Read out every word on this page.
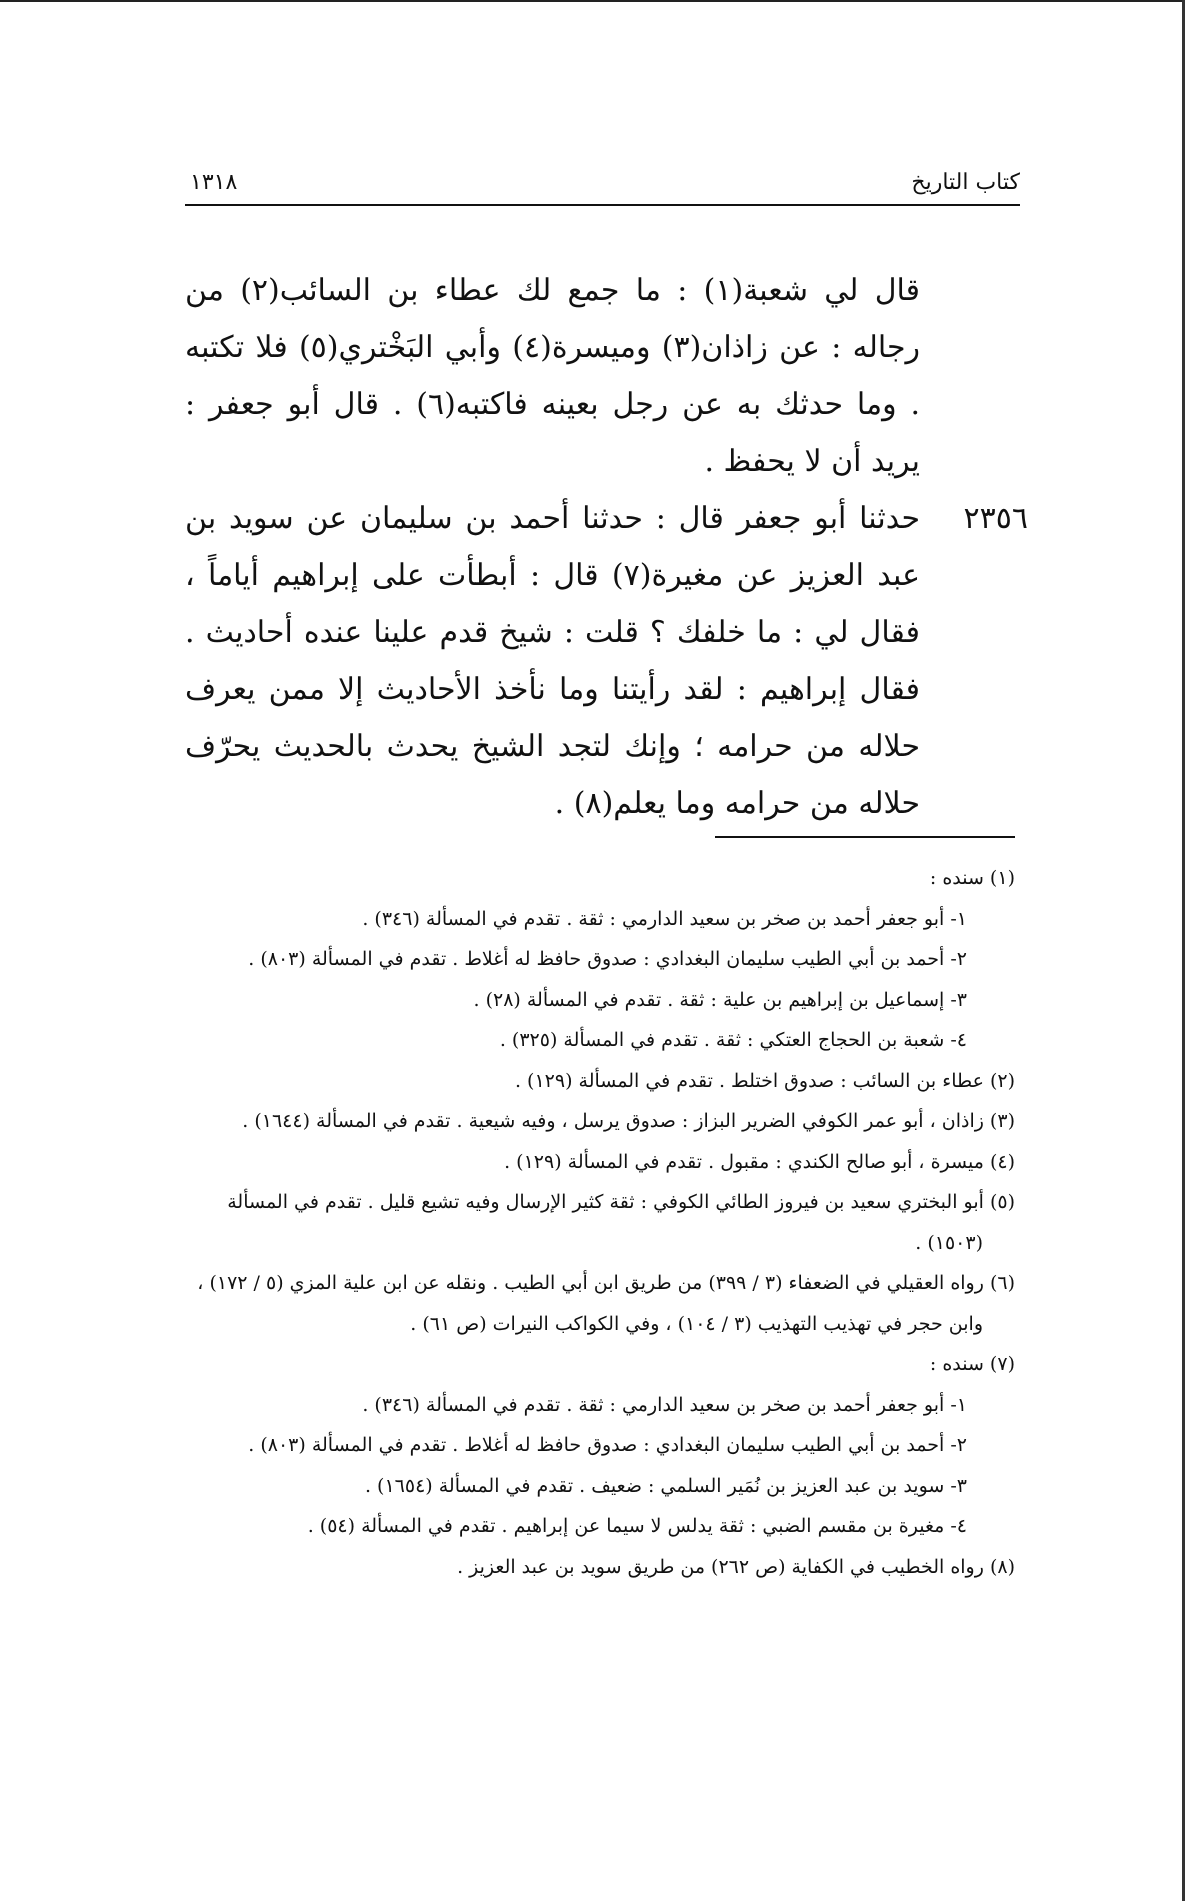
كتاب التاريخ
١٣١٨

قال لي شعبة(١) : ما جمع لك عطاء بن السائب(٢) من رجاله : عن زاذان(٣) وميسرة(٤) وأبي البَخْتري(٥) فلا تكتبه . وما حدثك به عن رجل بعينه فاكتبه(٦) . قال أبو جعفر : يريد أن لا يحفظ .

٢٣٥٦

حدثنا أبو جعفر قال : حدثنا أحمد بن سليمان عن سويد بن عبد العزيز عن مغيرة(٧) قال : أبطأت على إبراهيم أياماً ، فقال لي : ما خلفك ؟ قلت : شيخ قدم علينا عنده أحاديث . فقال إبراهيم : لقد رأيتنا وما نأخذ الأحاديث إلا ممن يعرف حلاله من حرامه ؛ وإنك لتجد الشيخ يحدث بالحديث يحرّف حلاله من حرامه وما يعلم(٨) .

(١) سنده :

١- أبو جعفر أحمد بن صخر بن سعيد الدارمي : ثقة . تقدم في المسألة (٣٤٦) .

٢- أحمد بن أبي الطيب سليمان البغدادي : صدوق حافظ له أغلاط . تقدم في المسألة (٨٠٣) .

٣- إسماعيل بن إبراهيم بن علية : ثقة . تقدم في المسألة (٢٨) .

٤- شعبة بن الحجاج العتكي : ثقة . تقدم في المسألة (٣٢٥) .

(٢) عطاء بن السائب : صدوق اختلط . تقدم في المسألة (١٢٩) .

(٣) زاذان ، أبو عمر الكوفي الضرير البزاز : صدوق يرسل ، وفيه شيعية . تقدم في المسألة (١٦٤٤) .

(٤) ميسرة ، أبو صالح الكندي : مقبول . تقدم في المسألة (١٢٩) .

(٥) أبو البختري سعيد بن فيروز الطائي الكوفي : ثقة كثير الإرسال وفيه تشيع قليل . تقدم في المسألة

(١٥٠٣) .

(٦) رواه العقيلي في الضعفاء (٣ / ٣٩٩) من طريق ابن أبي الطيب . ونقله عن ابن علية المزي (٥ / ١٧٢) ،

وابن حجر في تهذيب التهذيب (٣ / ١٠٤) ، وفي الكواكب النيرات (ص ٦١) .

(٧) سنده :

١- أبو جعفر أحمد بن صخر بن سعيد الدارمي : ثقة . تقدم في المسألة (٣٤٦) .

٢- أحمد بن أبي الطيب سليمان البغدادي : صدوق حافظ له أغلاط . تقدم في المسألة (٨٠٣) .

٣- سويد بن عبد العزيز بن نُمَير السلمي : ضعيف . تقدم في المسألة (١٦٥٤) .

٤- مغيرة بن مقسم الضبي : ثقة يدلس لا سيما عن إبراهيم . تقدم في المسألة (٥٤) .

(٨) رواه الخطيب في الكفاية (ص ٢٦٢) من طريق سويد بن عبد العزيز .
